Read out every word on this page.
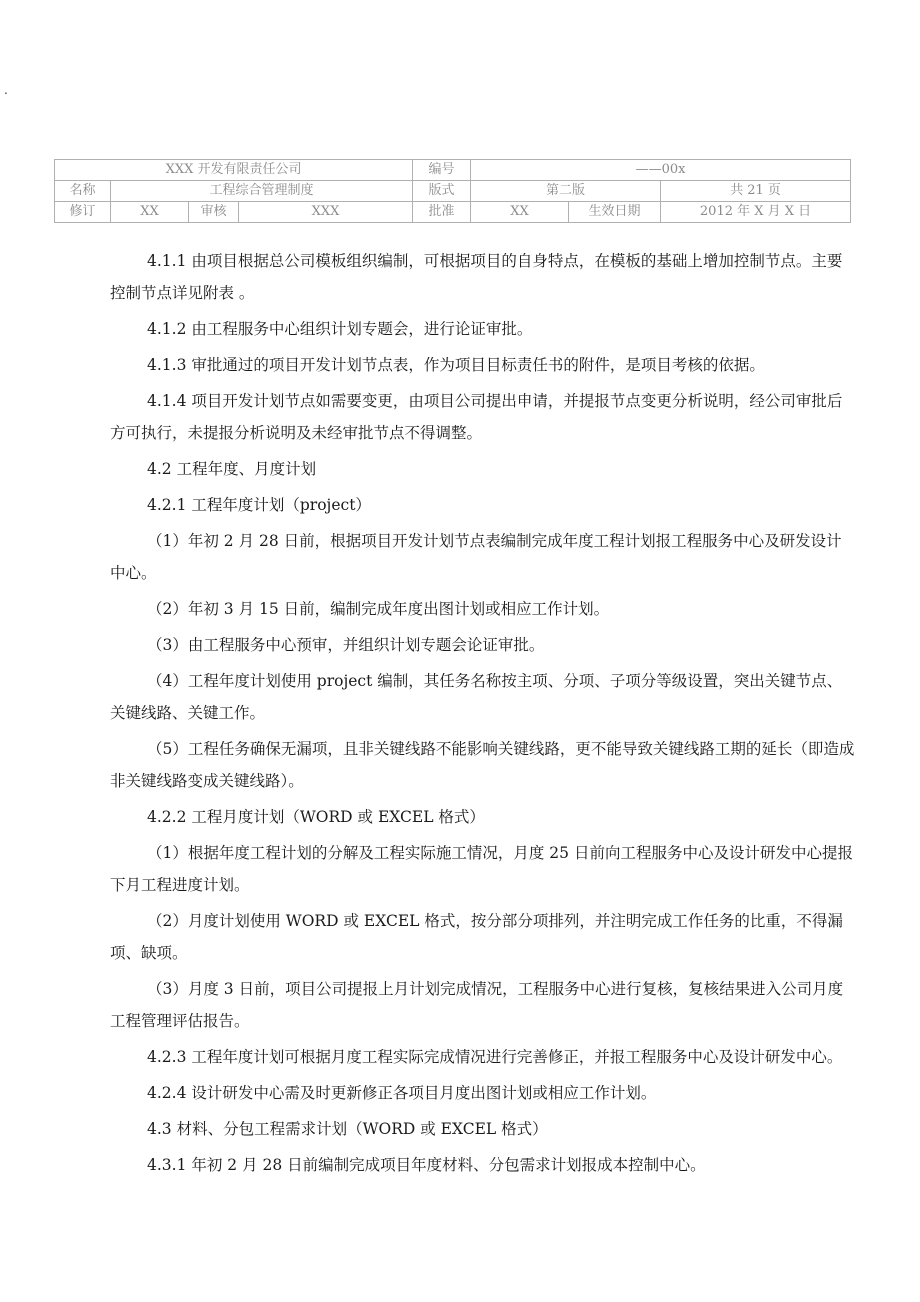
.
XXX 开发有限责任公司				编号	——00x		
名称	工程综合管理制度			版式	第二版		共 21 页
修订	XX	审核	XXX	批准	XX	生效日期	2012 年 X 月 X 日

4.1.1 由项目根据总公司模板组织编制，可根据项目的自身特点，在模板的基础上增加控制节点。主要控制节点详见附表 。

4.1.2 由工程服务中心组织计划专题会，进行论证审批。

4.1.3 审批通过的项目开发计划节点表，作为项目目标责任书的附件，是项目考核的依据。

4.1.4 项目开发计划节点如需要变更，由项目公司提出申请，并提报节点变更分析说明，经公司审批后方可执行，未提报分析说明及未经审批节点不得调整。

4.2 工程年度、月度计划

4.2.1 工程年度计划（project）

（1）年初 2 月 28 日前，根据项目开发计划节点表编制完成年度工程计划报工程服务中心及研发设计中心。

（2）年初 3 月 15 日前，编制完成年度出图计划或相应工作计划。

（3）由工程服务中心预审，并组织计划专题会论证审批。

（4）工程年度计划使用 project 编制，其任务名称按主项、分项、子项分等级设置，突出关键节点、关键线路、关键工作。

（5）工程任务确保无漏项，且非关键线路不能影响关键线路，更不能导致关键线路工期的延长（即造成非关键线路变成关键线路）。

4.2.2 工程月度计划（WORD 或 EXCEL 格式）

（1）根据年度工程计划的分解及工程实际施工情况，月度 25 日前向工程服务中心及设计研发中心提报下月工程进度计划。

（2）月度计划使用 WORD 或 EXCEL 格式，按分部分项排列，并注明完成工作任务的比重，不得漏项、缺项。

（3）月度 3 日前，项目公司提报上月计划完成情况，工程服务中心进行复核，复核结果进入公司月度工程管理评估报告。

4.2.3 工程年度计划可根据月度工程实际完成情况进行完善修正，并报工程服务中心及设计研发中心。

4.2.4 设计研发中心需及时更新修正各项目月度出图计划或相应工作计划。

4.3 材料、分包工程需求计划（WORD 或 EXCEL 格式）

4.3.1 年初 2 月 28 日前编制完成项目年度材料、分包需求计划报成本控制中心。
